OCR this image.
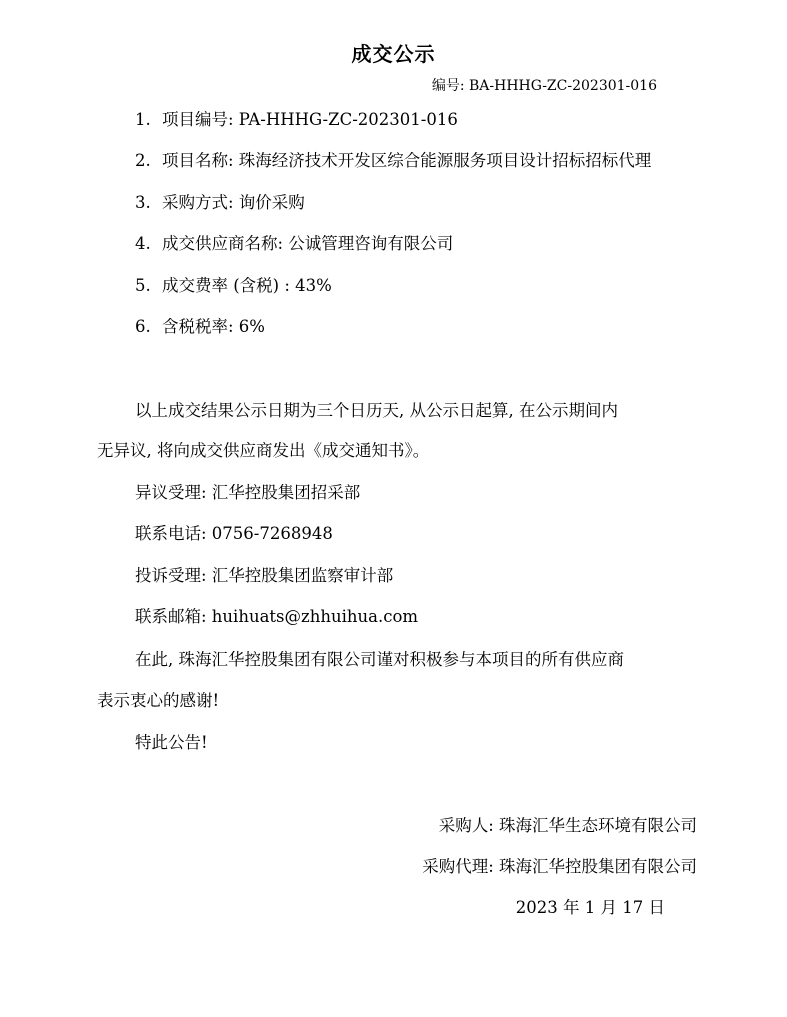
成交公示
编号: BA-HHHG-ZC-202301-016
1. 项目编号: PA-HHHG-ZC-202301-016
2. 项目名称: 珠海经济技术开发区综合能源服务项目设计招标招标代理
3. 采购方式: 询价采购
4. 成交供应商名称: 公诚管理咨询有限公司
5. 成交费率 (含税) : 43%
6. 含税税率: 6%
以上成交结果公示日期为三个日历天, 从公示日起算, 在公示期间内
无异议, 将向成交供应商发出《成交通知书》。
异议受理: 汇华控股集团招采部
联系电话: 0756-7268948
投诉受理: 汇华控股集团监察审计部
联系邮箱: huihuats@zhhuihua.com
在此, 珠海汇华控股集团有限公司谨对积极参与本项目的所有供应商
表示衷心的感谢!
特此公告!
采购人: 珠海汇华生态环境有限公司
采购代理: 珠海汇华控股集团有限公司
2023 年 1 月 17 日
